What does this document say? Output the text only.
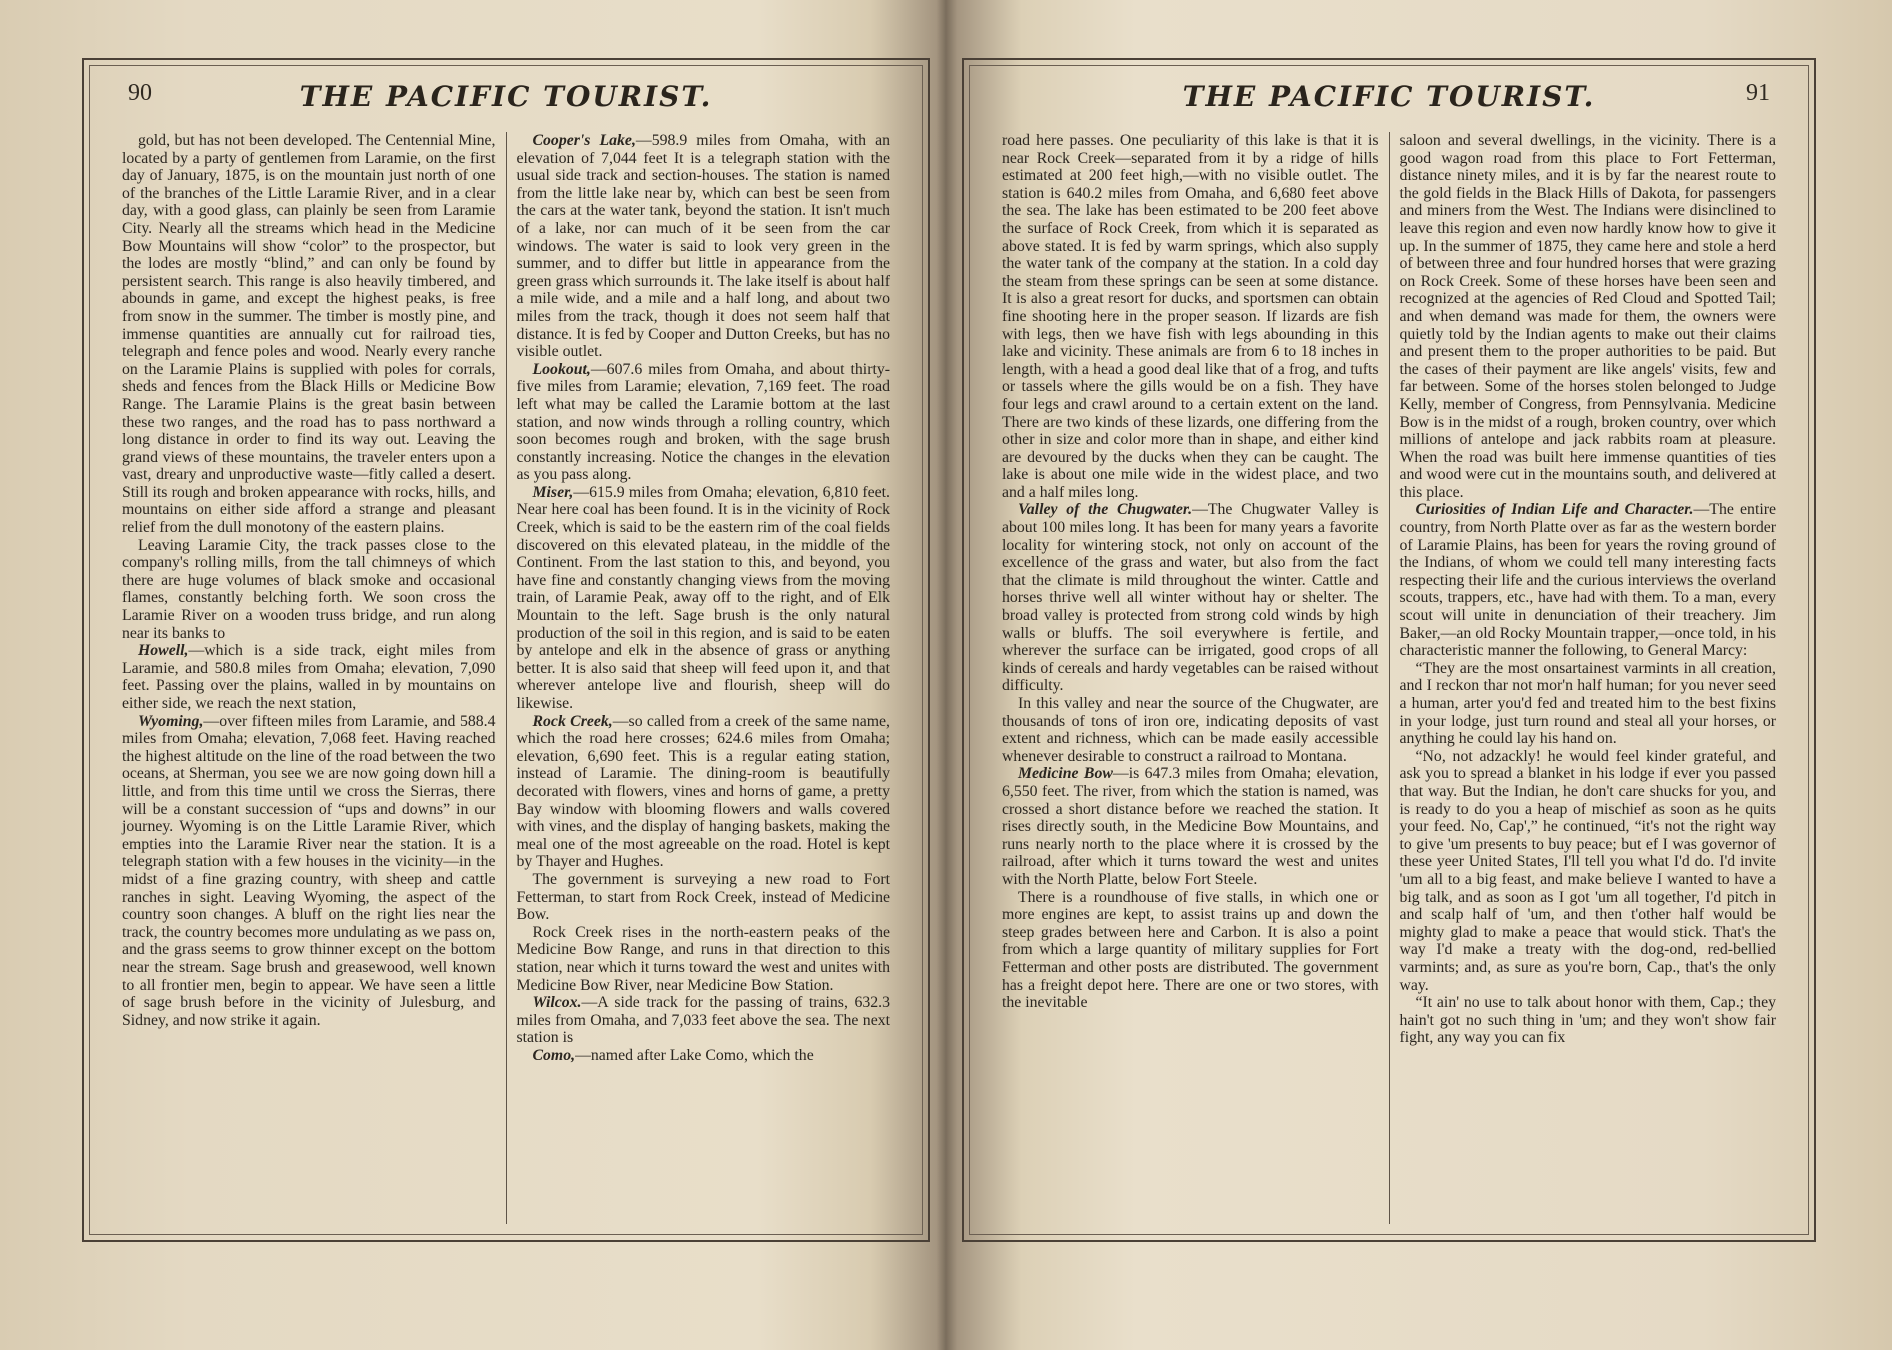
90	THE PACIFIC TOURIST.

gold, but has not been developed. The Centennial Mine, located by a party of gentlemen from Laramie, on the first day of January, 1875, is on the mountain just north of one of the branches of the Little Laramie River, and in a clear day, with a good glass, can plainly be seen from Laramie City. Nearly all the streams which head in the Medicine Bow Mountains will show “color” to the prospector, but the lodes are mostly “blind,” and can only be found by persistent search. This range is also heavily timbered, and abounds in game, and except the highest peaks, is free from snow in the summer. The timber is mostly pine, and immense quantities are annually cut for railroad ties, telegraph and fence poles and wood. Nearly every ranche on the Laramie Plains is supplied with poles for corrals, sheds and fences from the Black Hills or Medicine Bow Range. The Laramie Plains is the great basin between these two ranges, and the road has to pass northward a long distance in order to find its way out. Leaving the grand views of these mountains, the traveler enters upon a vast, dreary and unproductive waste—fitly called a desert. Still its rough and broken appearance with rocks, hills, and mountains on either side afford a strange and pleasant relief from the dull monotony of the eastern plains.

Leaving Laramie City, the track passes close to the company's rolling mills, from the tall chimneys of which there are huge volumes of black smoke and occasional flames, constantly belching forth. We soon cross the Laramie River on a wooden truss bridge, and run along near its banks to

Howell,—which is a side track, eight miles from Laramie, and 580.8 miles from Omaha; elevation, 7,090 feet. Passing over the plains, walled in by mountains on either side, we reach the next station,

Wyoming,—over fifteen miles from Laramie, and 588.4 miles from Omaha; elevation, 7,068 feet. Having reached the highest altitude on the line of the road between the two oceans, at Sherman, you see we are now going down hill a little, and from this time until we cross the Sierras, there will be a constant succession of “ups and downs” in our journey. Wyoming is on the Little Laramie River, which empties into the Laramie River near the station. It is a telegraph station with a few houses in the vicinity—in the midst of a fine grazing country, with sheep and cattle ranches in sight. Leaving Wyoming, the aspect of the country soon changes. A bluff on the right lies near the track, the country becomes more undulating as we pass on, and the grass seems to grow thinner except on the bottom near the stream. Sage brush and greasewood, well known to all frontier men, begin to appear. We have seen a little of sage brush before in the vicinity of Julesburg, and Sidney, and now strike it again.

Cooper's Lake,—598.9 miles from Omaha, with an elevation of 7,044 feet It is a telegraph station with the usual side track and section-houses. The station is named from the little lake near by, which can best be seen from the cars at the water tank, beyond the station. It isn't much of a lake, nor can much of it be seen from the car windows. The water is said to look very green in the summer, and to differ but little in appearance from the green grass which surrounds it. The lake itself is about half a mile wide, and a mile and a half long, and about two miles from the track, though it does not seem half that distance. It is fed by Cooper and Dutton Creeks, but has no visible outlet.

Lookout,—607.6 miles from Omaha, and about thirty-five miles from Laramie; elevation, 7,169 feet. The road left what may be called the Laramie bottom at the last station, and now winds through a rolling country, which soon becomes rough and broken, with the sage brush constantly increasing. Notice the changes in the elevation as you pass along.

Miser,—615.9 miles from Omaha; elevation, 6,810 feet. Near here coal has been found. It is in the vicinity of Rock Creek, which is said to be the eastern rim of the coal fields discovered on this elevated plateau, in the middle of the Continent. From the last station to this, and beyond, you have fine and constantly changing views from the moving train, of Laramie Peak, away off to the right, and of Elk Mountain to the left. Sage brush is the only natural production of the soil in this region, and is said to be eaten by antelope and elk in the absence of grass or anything better. It is also said that sheep will feed upon it, and that wherever antelope live and flourish, sheep will do likewise.

Rock Creek,—so called from a creek of the same name, which the road here crosses; 624.6 miles from Omaha; elevation, 6,690 feet. This is a regular eating station, instead of Laramie. The dining-room is beautifully decorated with flowers, vines and horns of game, a pretty Bay window with blooming flowers and walls covered with vines, and the display of hanging baskets, making the meal one of the most agreeable on the road. Hotel is kept by Thayer and Hughes.

The government is surveying a new road to Fort Fetterman, to start from Rock Creek, instead of Medicine Bow.

Rock Creek rises in the north-eastern peaks of the Medicine Bow Range, and runs in that direction to this station, near which it turns toward the west and unites with Medicine Bow River, near Medicine Bow Station.

Wilcox.—A side track for the passing of trains, 632.3 miles from Omaha, and 7,033 feet above the sea. The next station is

Como,—named after Lake Como, which the

THE PACIFIC TOURIST.	91

road here passes. One peculiarity of this lake is that it is near Rock Creek—separated from it by a ridge of hills estimated at 200 feet high,—with no visible outlet. The station is 640.2 miles from Omaha, and 6,680 feet above the sea. The lake has been estimated to be 200 feet above the surface of Rock Creek, from which it is separated as above stated. It is fed by warm springs, which also supply the water tank of the company at the station. In a cold day the steam from these springs can be seen at some distance. It is also a great resort for ducks, and sportsmen can obtain fine shooting here in the proper season. If lizards are fish with legs, then we have fish with legs abounding in this lake and vicinity. These animals are from 6 to 18 inches in length, with a head a good deal like that of a frog, and tufts or tassels where the gills would be on a fish. They have four legs and crawl around to a certain extent on the land. There are two kinds of these lizards, one differing from the other in size and color more than in shape, and either kind are devoured by the ducks when they can be caught. The lake is about one mile wide in the widest place, and two and a half miles long.

Valley of the Chugwater.—The Chugwater Valley is about 100 miles long. It has been for many years a favorite locality for wintering stock, not only on account of the excellence of the grass and water, but also from the fact that the climate is mild throughout the winter. Cattle and horses thrive well all winter without hay or shelter. The broad valley is protected from strong cold winds by high walls or bluffs. The soil everywhere is fertile, and wherever the surface can be irrigated, good crops of all kinds of cereals and hardy vegetables can be raised without difficulty.

In this valley and near the source of the Chugwater, are thousands of tons of iron ore, indicating deposits of vast extent and richness, which can be made easily accessible whenever desirable to construct a railroad to Montana.

Medicine Bow—is 647.3 miles from Omaha; elevation, 6,550 feet. The river, from which the station is named, was crossed a short distance before we reached the station. It rises directly south, in the Medicine Bow Mountains, and runs nearly north to the place where it is crossed by the railroad, after which it turns toward the west and unites with the North Platte, below Fort Steele.

There is a roundhouse of five stalls, in which one or more engines are kept, to assist trains up and down the steep grades between here and Carbon. It is also a point from which a large quantity of military supplies for Fort Fetterman and other posts are distributed. The government has a freight depot here. There are one or two stores, with the inevitable

saloon and several dwellings, in the vicinity. There is a good wagon road from this place to Fort Fetterman, distance ninety miles, and it is by far the nearest route to the gold fields in the Black Hills of Dakota, for passengers and miners from the West. The Indians were disinclined to leave this region and even now hardly know how to give it up. In the summer of 1875, they came here and stole a herd of between three and four hundred horses that were grazing on Rock Creek. Some of these horses have been seen and recognized at the agencies of Red Cloud and Spotted Tail; and when demand was made for them, the owners were quietly told by the Indian agents to make out their claims and present them to the proper authorities to be paid. But the cases of their payment are like angels' visits, few and far between. Some of the horses stolen belonged to Judge Kelly, member of Congress, from Pennsylvania. Medicine Bow is in the midst of a rough, broken country, over which millions of antelope and jack rabbits roam at pleasure. When the road was built here immense quantities of ties and wood were cut in the mountains south, and delivered at this place.

Curiosities of Indian Life and Character.—The entire country, from North Platte over as far as the western border of Laramie Plains, has been for years the roving ground of the Indians, of whom we could tell many interesting facts respecting their life and the curious interviews the overland scouts, trappers, etc., have had with them. To a man, every scout will unite in denunciation of their treachery. Jim Baker,—an old Rocky Mountain trapper,—once told, in his characteristic manner the following, to General Marcy:

“They are the most onsartainest varmints in all creation, and I reckon thar not mor'n half human; for you never seed a human, arter you'd fed and treated him to the best fixins in your lodge, just turn round and steal all your horses, or anything he could lay his hand on.

“No, not adzackly! he would feel kinder grateful, and ask you to spread a blanket in his lodge if ever you passed that way. But the Indian, he don't care shucks for you, and is ready to do you a heap of mischief as soon as he quits your feed. No, Cap',” he continued, “it's not the right way to give 'um presents to buy peace; but ef I was governor of these yeer United States, I'll tell you what I'd do. I'd invite 'um all to a big feast, and make believe I wanted to have a big talk, and as soon as I got 'um all together, I'd pitch in and scalp half of 'um, and then t'other half would be mighty glad to make a peace that would stick. That's the way I'd make a treaty with the dog-ond, red-bellied varmints; and, as sure as you're born, Cap., that's the only way.

“It ain' no use to talk about honor with them, Cap.; they hain't got no such thing in 'um; and they won't show fair fight, any way you can fix
